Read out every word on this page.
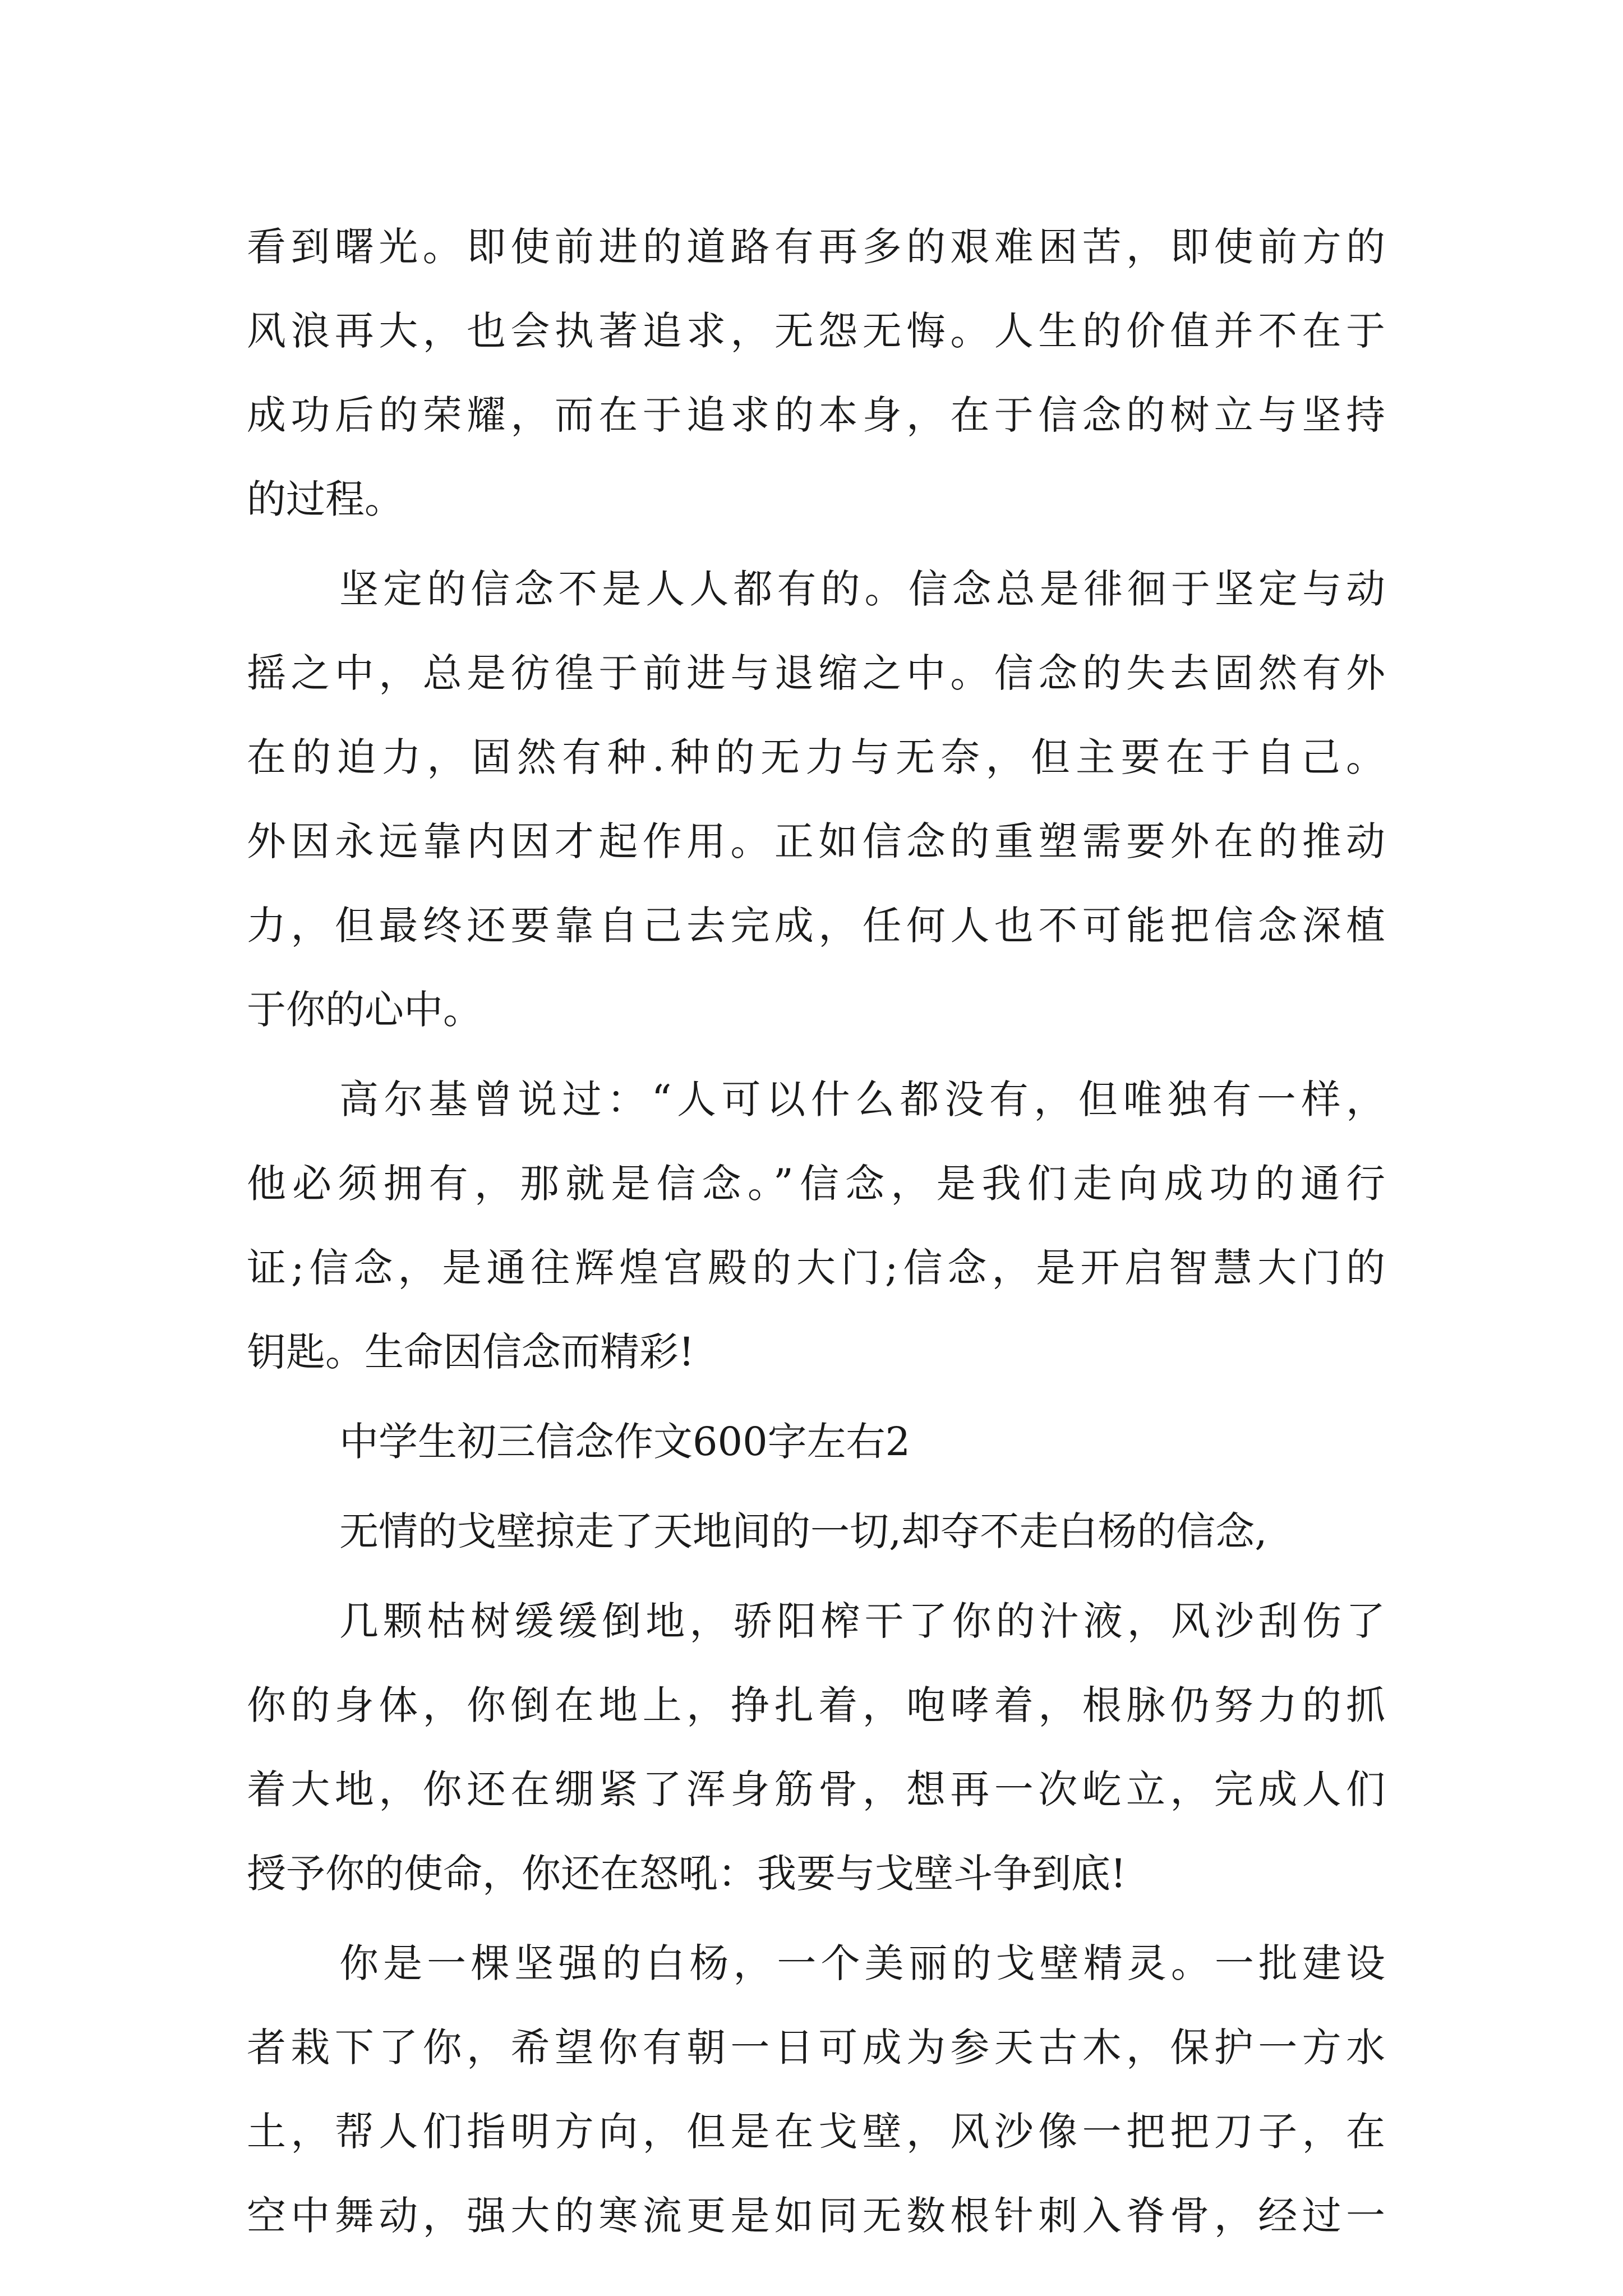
看到曙光。即使前进的道路有再多的艰难困苦，即使前方的
风浪再大，也会执著追求，无怨无悔。人生的价值并不在于
成功后的荣耀，而在于追求的本身，在于信念的树立与坚持
的过程。
坚定的信念不是人人都有的。信念总是徘徊于坚定与动
摇之中，总是彷徨于前进与退缩之中。信念的失去固然有外
在的迫力，固然有种.种的无力与无奈，但主要在于自己。
外因永远靠内因才起作用。正如信念的重塑需要外在的推动
力，但最终还要靠自己去完成，任何人也不可能把信念深植
于你的心中。
高尔基曾说过：“人可以什么都没有，但唯独有一样，
他必须拥有，那就是信念。”信念，是我们走向成功的通行
证;信念，是通往辉煌宫殿的大门;信念，是开启智慧大门的
钥匙。生命因信念而精彩!
中学生初三信念作文600字左右2
无情的戈壁掠走了天地间的一切,却夺不走白杨的信念,
几颗枯树缓缓倒地，骄阳榨干了你的汁液，风沙刮伤了
你的身体，你倒在地上，挣扎着，咆哮着，根脉仍努力的抓
着大地，你还在绷紧了浑身筋骨，想再一次屹立，完成人们
授予你的使命，你还在怒吼：我要与戈壁斗争到底!
你是一棵坚强的白杨，一个美丽的戈壁精灵。一批建设
者栽下了你，希望你有朝一日可成为参天古木，保护一方水
土，帮人们指明方向，但是在戈壁，风沙像一把把刀子，在
空中舞动，强大的寒流更是如同无数根针刺入脊骨，经过一
